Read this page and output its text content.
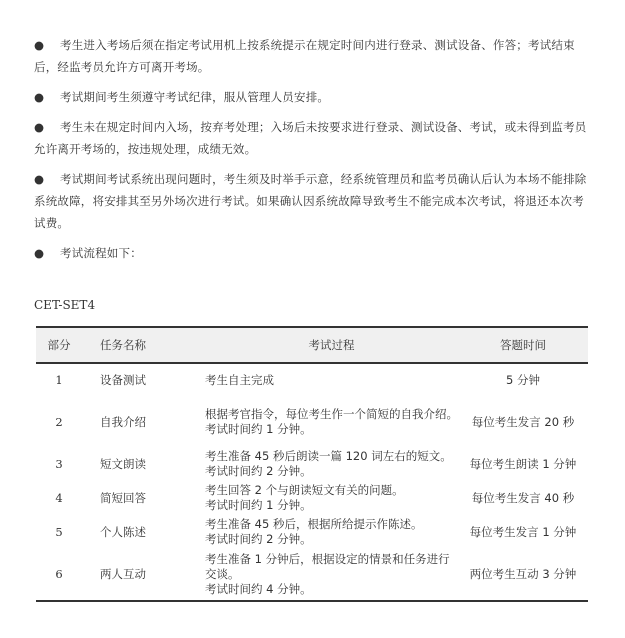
● 考生进入考场后须在指定考试用机上按系统提示在规定时间内进行登录、测试设备、作答；考试结束后，经监考员允许方可离开考场。

● 考试期间考生须遵守考试纪律，服从管理人员安排。

● 考生未在规定时间内入场，按弃考处理；入场后未按要求进行登录、测试设备、考试，或未得到监考员允许离开考场的，按违规处理，成绩无效。

● 考试期间考试系统出现问题时，考生须及时举手示意，经系统管理员和监考员确认后认为本场不能排除系统故障，将安排其至另外场次进行考试。如果确认因系统故障导致考生不能完成本次考试，将退还本次考试费。

● 考试流程如下：

CET-SET4
部分	任务名称	考试过程	答题时间
1	设备测试	考生自主完成	5 分钟
2	自我介绍	根据考官指令，每位考生作一个简短的自我介绍。
考试时间约 1 分钟。	每位考生发言 20 秒
3	短文朗读	考生准备 45 秒后朗读一篇 120 词左右的短文。
考试时间约 2 分钟。	每位考生朗读 1 分钟
4	简短回答	考生回答 2 个与朗读短文有关的问题。
考试时间约 1 分钟。	每位考生发言 40 秒
5	个人陈述	考生准备 45 秒后，根据所给提示作陈述。
考试时间约 2 分钟。	每位考生发言 1 分钟
6	两人互动	考生准备 1 分钟后，根据设定的情景和任务进行交谈。
考试时间约 4 分钟。	两位考生互动 3 分钟
